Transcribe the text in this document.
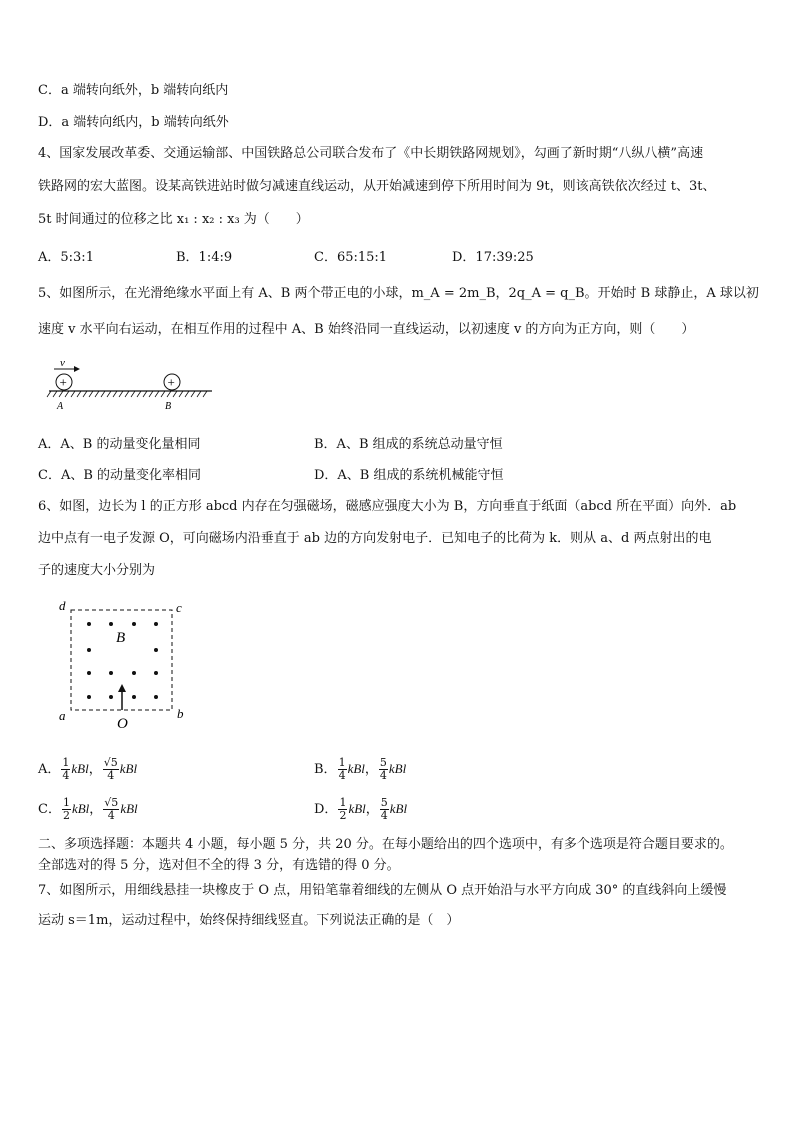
C．a 端转向纸外，b 端转向纸内
D．a 端转向纸内，b 端转向纸外
4、国家发展改革委、交通运输部、中国铁路总公司联合发布了《中长期铁路网规划》，勾画了新时期“八纵八横”高速
铁路网的宏大蓝图。设某高铁进站时做匀减速直线运动，从开始减速到停下所用时间为 9t，则该高铁依次经过 t、3t、
5t 时间通过的位移之比 x₁ : x₂ : x₃ 为（　　）
A．5:3:1	B．1:4:9	C．65:15:1	D．17:39:25
5、如图所示，在光滑绝缘水平面上有 A、B 两个带正电的小球，m_A = 2m_B，2q_A = q_B。开始时 B 球静止，A 球以初
速度 v 水平向右运动，在相互作用的过程中 A、B 始终沿同一直线运动，以初速度 v 的方向为正方向，则（　　）
v
+	+
A	B
A．A、B 的动量变化量相同	B．A、B 组成的系统总动量守恒
C．A、B 的动量变化率相同	D．A、B 组成的系统机械能守恒
6、如图，边长为 l 的正方形 abcd 内存在匀强磁场，磁感应强度大小为 B，方向垂直于纸面（abcd 所在平面）向外．ab
边中点有一电子发源 O，可向磁场内沿垂直于 ab 边的方向发射电子．已知电子的比荷为 k．则从 a、d 两点射出的电
子的速度大小分别为
d	c
a	b
B
O
A． $\frac{1}{4}$ kBl， $\frac{√5}{4}$ kBl	B． $\frac{1}{4}$ kBl， $\frac{5}{4}$ kBl
C． $\frac{1}{2}$ kBl， $\frac{√5}{4}$ kBl	D． $\frac{1}{2}$ kBl， $\frac{5}{4}$ kBl
二、多项选择题：本题共 4 小题，每小题 5 分，共 20 分。在每小题给出的四个选项中，有多个选项是符合题目要求的。
全部选对的得 5 分，选对但不全的得 3 分，有选错的得 0 分。
7、如图所示，用细线悬挂一块橡皮于 O 点，用铅笔靠着细线的左侧从 O 点开始沿与水平方向成 30° 的直线斜向上缓慢
运动 s＝1m，运动过程中，始终保持细线竖直。下列说法正确的是（　）
